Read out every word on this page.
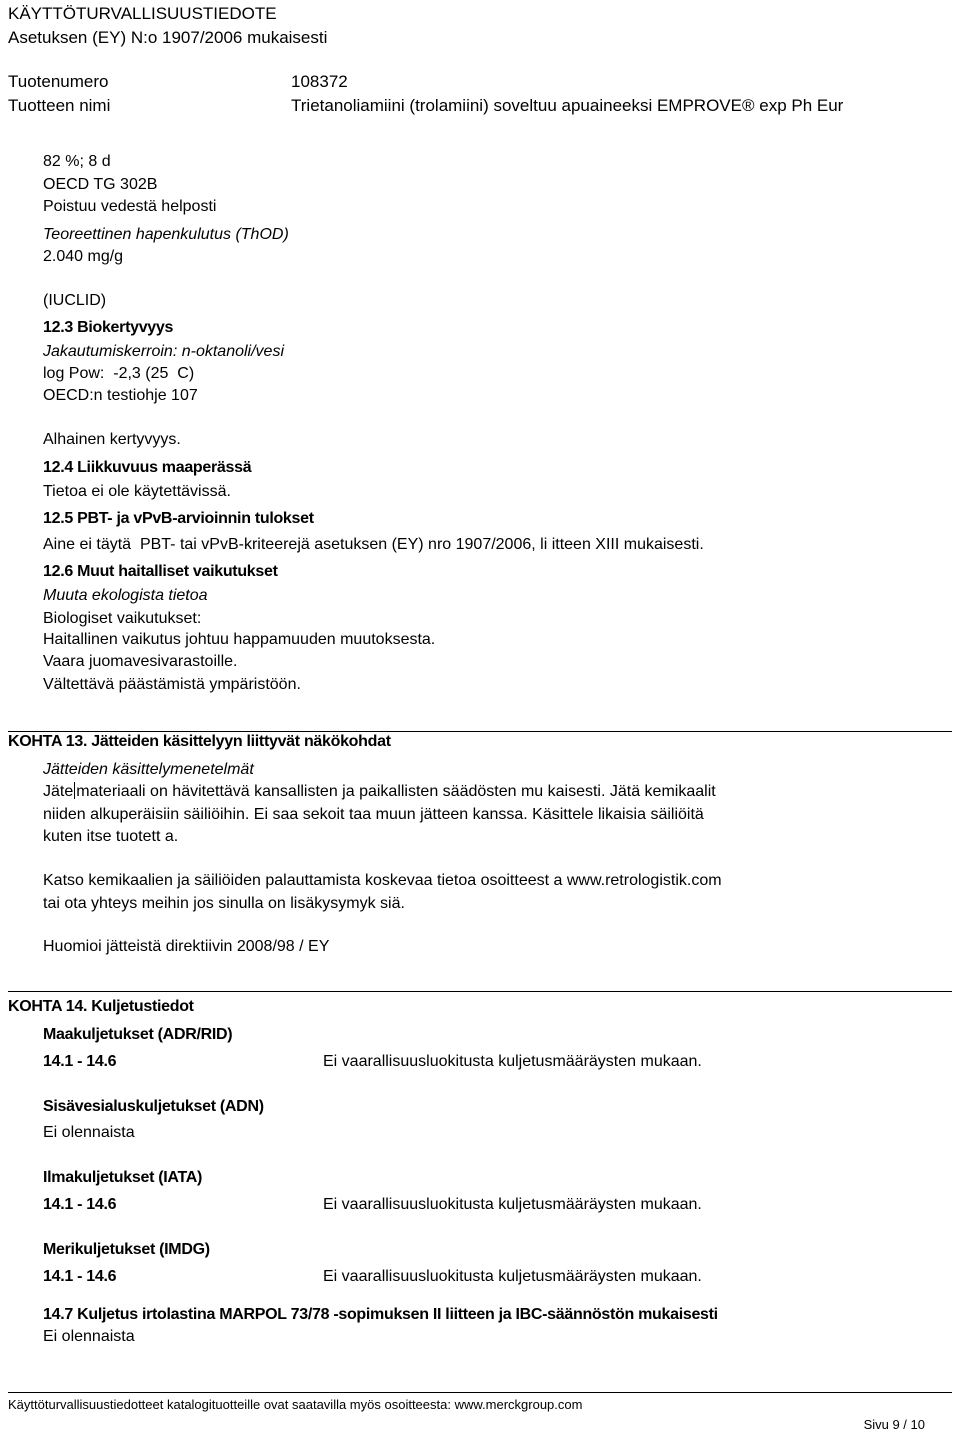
KÄYTTÖTURVALLISUUSTIEDOTE
Asetuksen (EY) N:o 1907/2006 mukaisesti
Tuotenumero	108372
Tuotteen nimi	Trietanoliamiini (trolamiini) soveltuu apuaineeksi EMPROVE® exp Ph Eur
82 %; 8 d
OECD TG 302B
Poistuu vedestä helposti
Teoreettinen hapenkulutus (ThOD)
2.040 mg/g
(IUCLID)
12.3 Biokertyvyys
Jakautumiskerroin: n-oktanoli/vesi
log Pow:  -2,3 (25  C)
OECD:n testiohje 107
Alhainen kertyvyys.
12.4 Liikkuvuus maaperässä
Tietoa ei ole käytettävissä.
12.5 PBT- ja vPvB-arvioinnin tulokset
Aine ei täytä  PBT- tai vPvB-kriteerejä asetuksen (EY) nro 1907/2006, li itteen XIII mukaisesti.
12.6 Muut haitalliset vaikutukset
Muuta ekologista tietoa
Biologiset vaikutukset:
Haitallinen vaikutus johtuu happamuuden muutoksesta.
Vaara juomavesivarastoille.
Vältettävä päästämistä ympäristöön.
KOHTA 13. Jätteiden käsittelyyn liittyvät näkökohdat
Jätteiden käsittelymenetelmät
Jäte materiaali on hävitettävä kansallisten ja paikallisten säädösten mu kaisesti. Jätä kemikaalit
niiden alkuperäisiin säiliöihin. Ei saa sekoit taa muun jätteen kanssa. Käsittele likaisia säiliöitä
kuten itse tuotett a.
Katso kemikaalien ja säiliöiden palauttamista koskevaa tietoa osoitteest a www.retrologistik.com
tai ota yhteys meihin jos sinulla on lisäkysymyk siä.
Huomioi jätteistä direktiivin 2008/98 / EY
KOHTA 14. Kuljetustiedot
Maakuljetukset (ADR/RID)
14.1 - 14.6	Ei vaarallisuusluokitusta kuljetusmääräysten mukaan.
Sisävesialuskuljetukset (ADN)
Ei olennaista
Ilmakuljetukset (IATA)
14.1 - 14.6	Ei vaarallisuusluokitusta kuljetusmääräysten mukaan.
Merikuljetukset (IMDG)
14.1 - 14.6	Ei vaarallisuusluokitusta kuljetusmääräysten mukaan.
14.7 Kuljetus irtolastina MARPOL 73/78 -sopimuksen II liitteen ja IBC-säännöstön mukaisesti
Ei olennaista
Käyttöturvallisuustiedotteet katalogituotteille ovat saatavilla myös osoitteesta: www.merckgroup.com
Sivu 9 / 10
